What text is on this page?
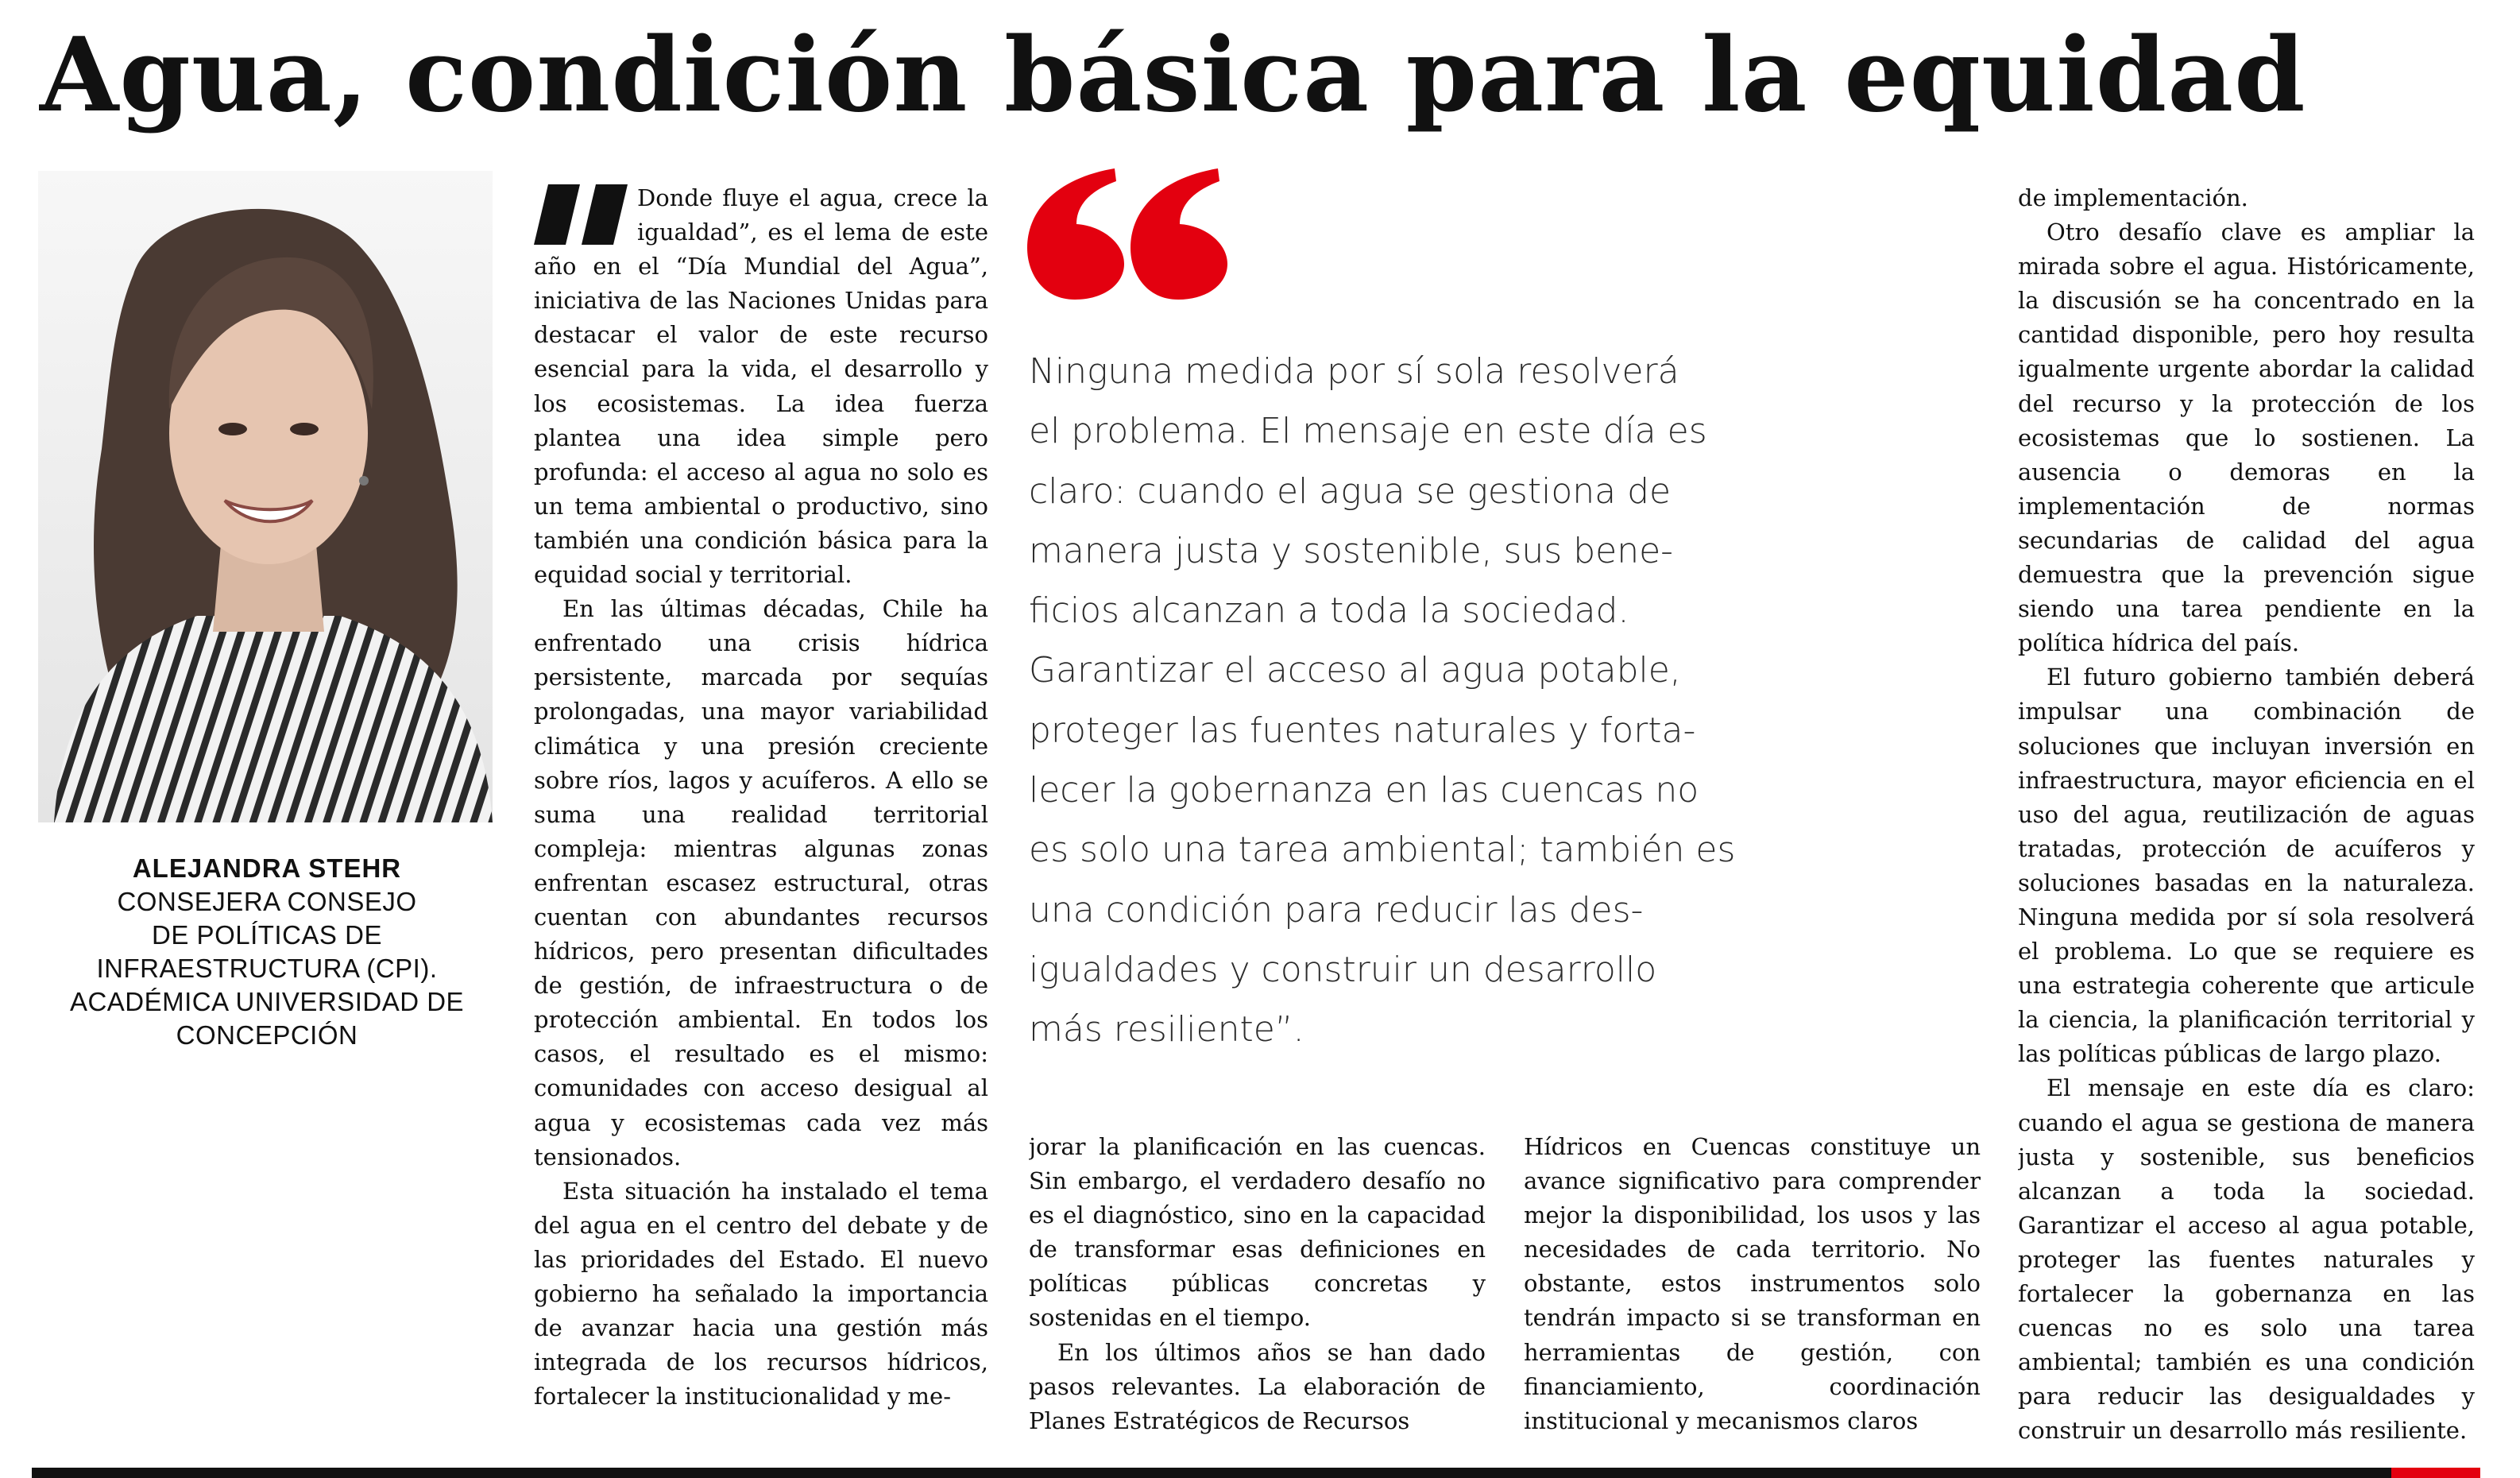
Agua, condición básica para la equidad
ALEJANDRA STEHR
CONSEJERA CONSEJO
DE POLÍTICAS DE
INFRAESTRUCTURA (CPI).
ACADÉMICA UNIVERSIDAD DE
CONCEPCIÓN

Donde fluye el agua, crece la igualdad”, es el lema de este año en el “Día Mundial del Agua”, iniciativa de las Naciones Unidas para destacar el valor de este recurso esencial para la vida, el desarrollo y los ecosistemas. La idea fuerza plantea una idea simple pero profunda: el acceso al agua no solo es un tema ambiental o productivo, sino también una condición básica para la equidad social y territorial.

En las últimas décadas, Chile ha enfrentado una crisis hídrica persistente, marcada por sequías prolongadas, una mayor variabilidad climática y una presión creciente sobre ríos, lagos y acuíferos. A ello se suma una realidad territorial compleja: mientras algunas zonas enfrentan escasez estructural, otras cuentan con abundantes recursos hídricos, pero presentan dificultades de gestión, de infraestructura o de protección ambiental. En todos los casos, el resultado es el mismo: comunidades con acceso desigual al agua y ecosistemas cada vez más tensionados.

Esta situación ha instalado el tema del agua en el centro del debate y de las prioridades del Estado. El nuevo gobierno ha señalado la importancia de avanzar hacia una gestión más integrada de los recursos hídricos, fortalecer la institucionalidad y me-

Ninguna medida por sí sola resolverá
el problema. El mensaje en este día es
claro: cuando el agua se gestiona de
manera justa y sostenible, sus bene-
ficios alcanzan a toda la sociedad.
Garantizar el acceso al agua potable,
proteger las fuentes naturales y forta-
lecer la gobernanza en las cuencas no
es solo una tarea ambiental; también es
una condición para reducir las des-
igualdades y construir un desarrollo
más resiliente”.

jorar la planificación en las cuencas. Sin embargo, el verdadero desafío no es el diagnóstico, sino en la capacidad de transformar esas definiciones en políticas públicas concretas y sostenidas en el tiempo.

En los últimos años se han dado pasos relevantes. La elaboración de Planes Estratégicos de Recursos

Hídricos en Cuencas constituye un avance significativo para comprender mejor la disponibilidad, los usos y las necesidades de cada territorio. No obstante, estos instrumentos solo tendrán impacto si se transforman en herramientas de gestión, con financiamiento, coordinación institucional y mecanismos claros

de implementación.

Otro desafío clave es ampliar la mirada sobre el agua. Históricamente, la discusión se ha concentrado en la cantidad disponible, pero hoy resulta igualmente urgente abordar la calidad del recurso y la protección de los ecosistemas que lo sostienen. La ausencia o demoras en la implementación de normas secundarias de calidad del agua demuestra que la prevención sigue siendo una tarea pendiente en la política hídrica del país.

El futuro gobierno también deberá impulsar una combinación de soluciones que incluyan inversión en infraestructura, mayor eficiencia en el uso del agua, reutilización de aguas tratadas, protección de acuíferos y soluciones basadas en la naturaleza. Ninguna medida por sí sola resolverá el problema. Lo que se requiere es una estrategia coherente que articule la ciencia, la planificación territorial y las políticas públicas de largo plazo.

El mensaje en este día es claro: cuando el agua se gestiona de manera justa y sostenible, sus beneficios alcanzan a toda la sociedad. Garantizar el acceso al agua potable, proteger las fuentes naturales y fortalecer la gobernanza en las cuencas no es solo una tarea ambiental; también es una condición para reducir las desigualdades y construir un desarrollo más resiliente.
